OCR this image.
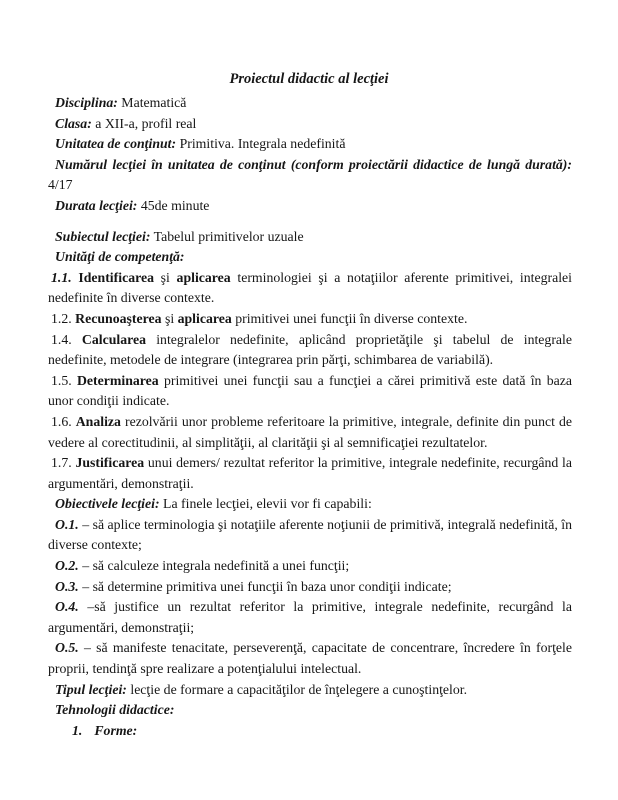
Proiectul didactic al lecţiei

Disciplina: Matematică

Clasa: a XII-a, profil real

Unitatea de conţinut: Primitiva. Integrala nedefinită

Numărul lecţiei în unitatea de conţinut (conform proiectării didactice de lungă durată): 4/17

Durata lecţiei: 45de minute

Subiectul lecţiei: Tabelul primitivelor uzuale

Unităţi de competenţă:

1.1. Identificarea şi aplicarea terminologiei şi a notaţiilor aferente primitivei, integralei nedefinite în diverse contexte.

1.2. Recunoaşterea şi aplicarea primitivei unei funcţii în diverse contexte.

1.4. Calcularea integralelor nedefinite, aplicând proprietăţile şi tabelul de integrale nedefinite, metodele de integrare (integrarea prin părţi, schimbarea de variabilă).

1.5. Determinarea primitivei unei funcţii sau a funcţiei a cărei primitivă este dată în baza unor condiţii indicate.

1.6. Analiza rezolvării unor probleme referitoare la primitive, integrale, definite din punct de vedere al corectitudinii, al simplităţii, al clarităţii şi al semnificaţiei rezultatelor.

1.7. Justificarea unui demers/ rezultat referitor la primitive, integrale nedefinite, recurgând la argumentări, demonstraţii.

Obiectivele lecţiei: La finele lecţiei, elevii vor fi capabili:

O.1. – să aplice terminologia şi notaţiile aferente noţiunii de primitivă, integrală nedefinită, în diverse contexte;

O.2. – să calculeze integrala nedefinită a unei funcţii;

O.3. – să determine primitiva unei funcţii în baza unor condiţii indicate;

O.4. –să justifice un rezultat referitor la primitive, integrale nedefinite, recurgând la argumentări, demonstraţii;

O.5. – să manifeste tenacitate, perseverenţă, capacitate de concentrare, încredere în forţele proprii, tendinţă spre realizare a potenţialului intelectual.

Tipul lecţiei: lecţie de formare a capacităţilor de înţelegere a cunoştinţelor.

Tehnologii didactice:

1. Forme:
